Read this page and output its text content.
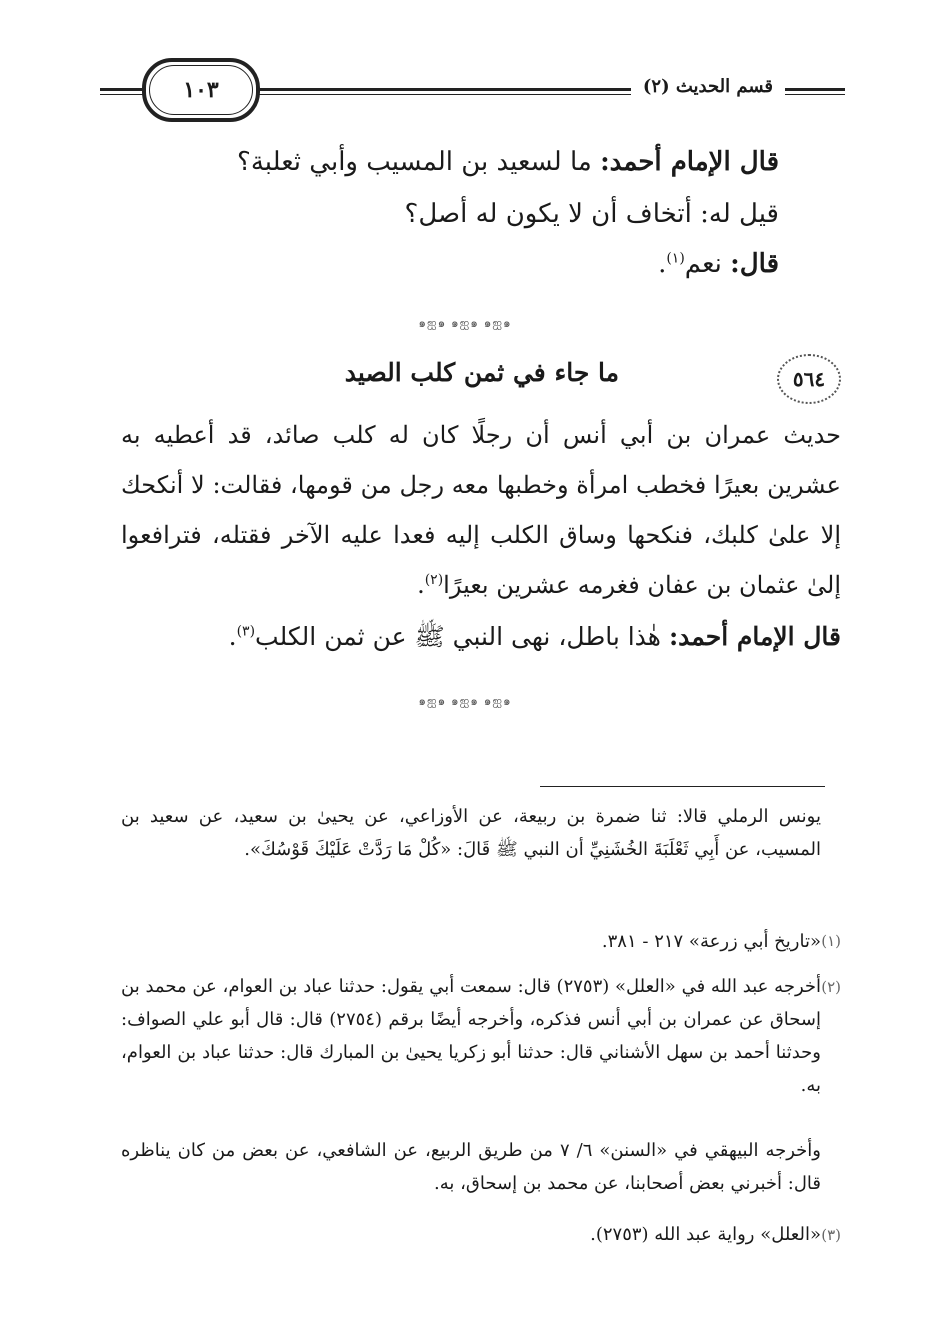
قسم الحديث (٢)
١٠٣
قال الإمام أحمد: ما لسعيد بن المسيب وأبي ثعلبة؟
قيل له: أتخاف أن لا يكون له أصل؟
قال: نعم$^{(١)}$.
๑ஐ๑ ๑ஐ๑ ๑ஐ๑
٥٦٤
ما جاء في ثمن كلب الصيد
حديث عمران بن أبي أنس أن رجلًا كان له كلب صائد، قد أعطيه به عشرين بعيرًا فخطب امرأة وخطبها معه رجل من قومها، فقالت: لا أنكحك إلا علىٰ كلبك، فنكحها وساق الكلب إليه فعدا عليه الآخر فقتله، فترافعوا إلىٰ عثمان بن عفان فغرمه عشرين بعيرًا$^{(٢)}$.
قال الإمام أحمد: هٰذا باطل، نهى النبي ﷺ عن ثمن الكلب$^{(٣)}$.
๑ஐ๑ ๑ஐ๑ ๑ஐ๑
يونس الرملي قالا: ثنا ضمرة بن ربيعة، عن الأوزاعي، عن يحيىٰ بن سعيد، عن سعيد بن المسيب، عن أَبِي ثَعْلَبَةَ الخُشَنِيِّ أن النبي ﷺ قَالَ: «كُلْ مَا رَدَّتْ عَلَيْكَ قَوْسُكَ».
(١)
«تاريخ أبي زرعة» ٢١٧ - ٣٨١.
(٢)
أخرجه عبد الله في «العلل» (٢٧٥٣) قال: سمعت أبي يقول: حدثنا عباد بن العوام، عن محمد بن إسحاق عن عمران بن أبي أنس فذكره، وأخرجه أيضًا برقم (٢٧٥٤) قال: قال أبو علي الصواف: وحدثنا أحمد بن سهل الأشناني قال: حدثنا أبو زكريا يحيىٰ بن المبارك قال: حدثنا عباد بن العوام، به.
وأخرجه البيهقي في «السنن» ٦/ ٧ من طريق الربيع، عن الشافعي، عن بعض من كان يناظره قال: أخبرني بعض أصحابنا، عن محمد بن إسحاق، به.
(٣)
«العلل» رواية عبد الله (٢٧٥٣).
